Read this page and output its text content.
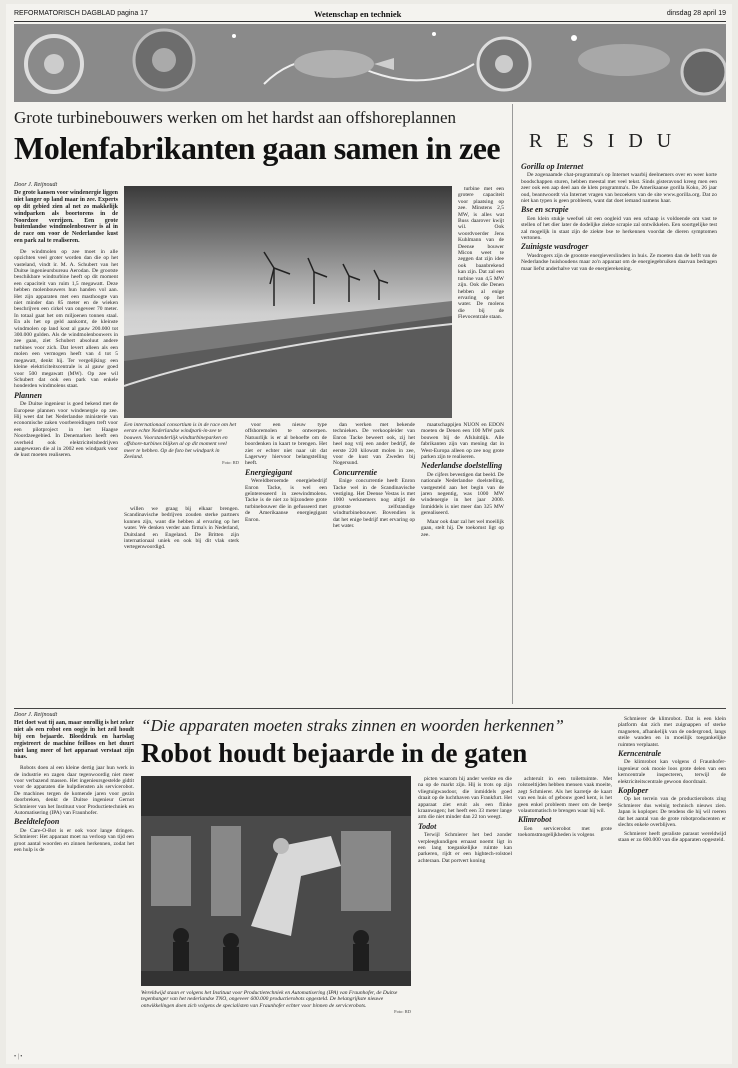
REFORMATORISCH DAGBLAD pagina 17	Wetenschap en techniek	dinsdag 28 april 19
Grote turbinebouwers werken om het hardst aan offshoreplannen
Molenfabrikanten gaan samen in zee
Door J. Reijnoudt
De grote kansen voor windenergie liggen niet langer op land maar in zee. Experts op dit gebied zien al net zo makkelijk windparken als boortorens in de Noordzee verrijzen. Een grote buitenlandse windmolenbouwer is al in de race om voor de Nederlandse kust een park zal te realiseren.

De windmolen op zee moet in alle opzichten veel groter worden dan die op het vasteland, vindt ir. M. A. Schubert van het Duitse ingenieursbureau Aerodan. De grootste beschikbare windturbine heeft op dit moment een capaciteit van ruim 1,5 megawatt. Deze hebben molenbouwers hun handen vol aan. Het zijn apparaten met een masthoogte van niet minder dan 85 meter en de wieken beschrijven een cirkel van ongeveer 70 meter. In totaal gaat het om miljoenen tonnen staal. En als het op geld aankomt, de kleinste windmolen op land kost al gauw 200.000 tot 300.000 gulden. Als de windmolenbouwers in zee gaan, ziet Schubert absoluut andere turbines voor zich. Dat levert alleen als een molen een vermogen heeft van 4 tot 5 megawatt, denkt hij. Ter vergelijking: een kleine elektriciteitscentrale is al gauw goed voor 500 megawatt (MW). Op zee wil Schubert dat ook een park van enkele honderden windmolens staat.

Plannen

De Duitse ingenieur is goed bekend met de Europese plannen voor windenergie op zee. Hij weet dat het Nederlandse ministerie van economische zaken voorbereidingen treft voor een pilotproject in het Haagse Noordzeegebied. In Denemarken heeft een overheid ook elektriciteitsbedrijven aangewezen die al in 2002 een windpark voor de kust moeten realiseren.

turbine met een grotere capaciteit voor plaatsing op zee. Minstens 2,5 MW, is alles wat Buss daarover kwijt wil. Ook woordvoerder Jens Kuhlmann van de Deense bouwer Micon weet te zeggen dat zijn idee ook baanbrekend kan zijn. Dat zal een turbine van 4,5 MW zijn. Ook die Denen hebben al enige ervaring op het water. De molens die bij de Flevocentrale staan.

Een internationaal consortium is in de race om het eerste echte Nederlandse windpark-in-zee te bouwen. Voorstanderlijk windturbineparken en offshore-turbines blijken al op dit moment veel meer te hebben. Op de foto het windpark in Zeeland.
Foto: RD

willen we graag bij elkaar brengen. Scandinavische bedrijven zouden sterke partners kunnen zijn, want die hebben al ervaring op het water. We denken verder aan firma's in Nederland, Duitsland en Engeland. De Britten zijn internationaal uniek en ook bij dit vlak sterk vertegenwoordigd.

voor een nieuw type offshoremolen te ontwerpen. Natuurlijk is er al behoefte om de boordenken in kaart te brengen. Het ziet er echter niet naar uit dat Lagerwey hiervoor belangstelling heeft.

Energiegigant

Wereldberoemde energiebedrijf Enron Tacke, is wel een geïnteresseerd in zeewindmolens. Tacke is de niet zo bijzondere grote turbinebouwer die in gefusseerd met de Amerikaanse energiegigant Enron.

dan werken met bekende technieken. De verkoopleider van Enron Tacke beweert ook, zij het heel nog vrij een ander bedrijf, de eerste 220 kilowatt molen in zee, voor de kust van Zweden bij Nogersund.

Concurrentie

Enige concurrentie heeft Enron Tacke wel in de Scandinavische vestiging. Het Deense Vestas is met 1000 werknemers nog altijd de grootste zelfstandige windturbinebouwer. Bovendien is dat het enige bedrijf met ervaring op het water.

maatschappijen NUON en EDON moeten de Denen een 100 MW park bouwen bij de Afsluitdijk. Alle fabrikanten zijn van mening dat in West-Europa alleen op zee nog grote parken zijn te realiseren.

Nederlandse doelstelling

De cijfers bevestigen dat beeld. De nationale Nederlandse doelstelling, vastgesteld aan het begin van de jaren negentig, was 1000 MW windenergie in het jaar 2000. Inmiddels is niet meer dan 325 MW gerealiseerd.

Maar ook daar zal het wel moeilijk gaan, stelt hij. De toekomst ligt op zee.

RESIDU
Gorilla op Internet

De zogenaamde chat-programma's op Internet waarbij deelnemers over en weer korte boodschappen sturen, hebben meestal met veel tekst. Sinds gisteravond kreeg men een zeer ook een aap deel aan de klets programma's. De Amerikaanse gorilla Koko, 26 jaar oud, beantwoordt via Internet vragen van bezoekers van de site www.gorilla.org. Dat zo niet kan typen is geen probleem, want dat doet iemand namens haar.

Bse en scrapie

Een klein stukje weefsel uit een oogleid van een schaap is voldoende om vast te stellen of het dier later de dodelijke ziekte scrapie zal ontwikkelen. Een soortgelijke test zal mogelijk in staat zijn de ziekte bse te herkennen voordat de dieren symptomen vertonen.

Zuinigste wasdroger

Wasdrogers zijn de grootste energieverslinders in huis. Ze moeten dan de helft van de Nederlandse huishoudens maar zo'n apparaat om de energiegebruiken daarvan bedragen maar liefst anderhalve vat van de energierekening.

Door J. Reijnoudt
Het doet wat tij aan, maar onrollig is het zeker niet als een robot een oogje in het zeil houdt bij een bejaarde. Bloeddruk en hartslag registreert de machine feilloos en het duurt niet lang meer of het apparaat verstaat zijn baas.

Robots doen al een kleine dertig jaar hun werk in de industrie en zagen daar tegenwoordig niet meer voor verbazend massen. Het ingenieursgestelde gidtit voor de apparaten die hulpdiensten als servicerobot. De machines tergen de komende jaren voor gezin doorbreken, denkt de Duitse ingenieur Gernot Schmierer van het Instituut voor Productietechniek en Automatisering (IPA) van Fraunhofer.

Beeldtelefoon

De Care-O-Bot is er ook voor lange dringen. Schmierer: Het apparaat moet na verloop van tijd een groot aantal woorden en zinnen herkennen, zodat het een hulp is de

“Die apparaten moeten straks zinnen en woorden herkennen”
Robot houdt bejaarde in de gaten
Wereldwijd staan er volgens het Instituut voor Productietechniek en Automatisering (IPA) van Fraunhofer, de Duitse tegenhanger van het nederlandse TNO, ongeveer 600.000 productierobots opgesteld. De belangrijkste nieuwe ontwikkelingen doen zich volgens de specialisten van Fraunhofer echter voor binnen de servicerobots.
Foto: RD

picten waarom hij ander werkte en die na op de markt zijn. Hij is trots op zijn vliegtuigwasdoor, die inmiddels goed draait op de luchthaven van Frankfurt. Het apparaat ziet eruit als een flinke kraanwagen; het heeft een 33 meter lange arm die niet minder dan 22 ton weegt.

Todot

Terwijl Schmierer het bed zonder verpleegkundigen ernaast noemt ligt in een lang toegankelijke ruimte kan parkeren, rijdt er een hightech-rolstoel achteraan. Dat portvert koning

achteruit in een toilettuimte. Met rolstoeltijden hebben mensen vaak moeite, zegt Schmierer. Als het karretje de kaart van een huis of gebouw goed kent, is het geen enkel probleem meer om de beetje volautomatisch te brengen waar hij wil.

Klimrobot

Een servicerobot met grote toekomstmogelijkheden is volgens

Schmierer de klimrobot. Dat is een klein platform dat zich met zuignappen of sterke magneten, afhankelijk van de ondergrond, langs steile wanden en in moeilijk toegankelijke ruimten verplaatst.

Kerncentrale

De klimrobot kan volgens d Fraunhofer-ingenieur ook mooie loos grote delen van een kerncentrale inspecteren, terwijl de elektriciteitscentrale gewoon doordraait.

Koploper

Op het terrein van de productierobots zing Schmierer dus weinig technisch nieuws zien. Japan is koploper. De tendens die hij wil roeren dat het aantal van de grote robotproducenten er slechts enkele overblijven.

Schmierer heeft geraliste parasut wereldwijd staan er zo 600.000 van die apparaten opgesteld.

• | •
